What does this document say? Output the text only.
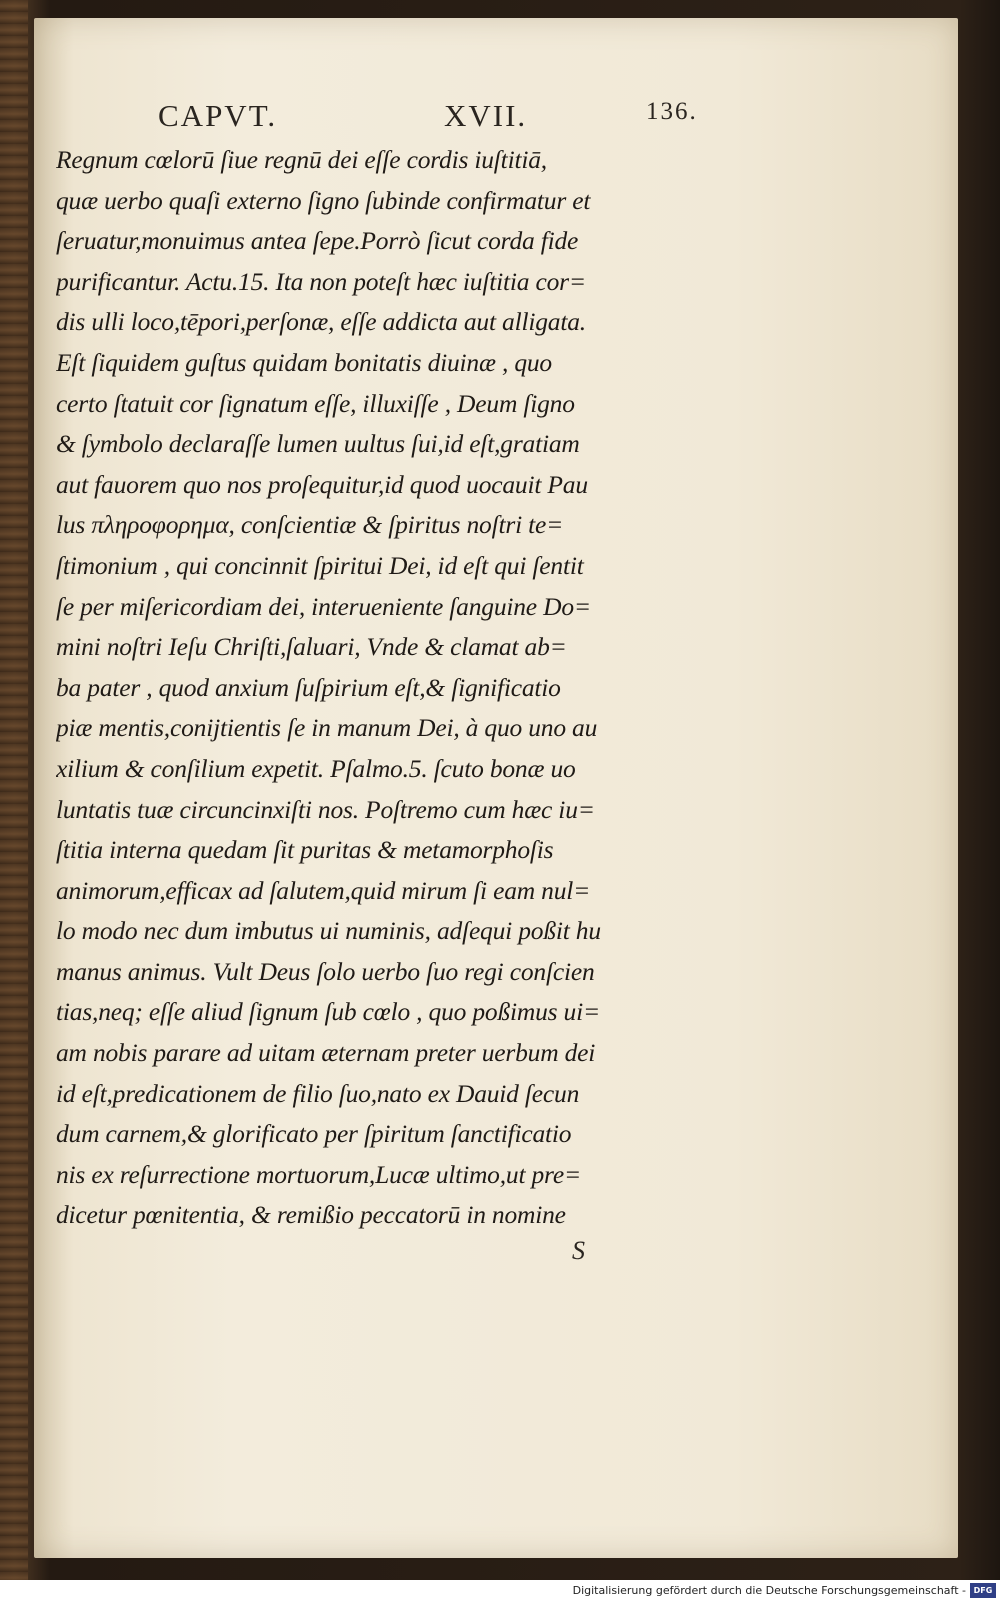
CAPVT.	XVII.	136.
Regnum cœlorū ſiue regnū dei eſſe cordis iuſtitiā,
quæ uerbo quaſi externo ſigno ſubinde confirmatur et
ſeruatur,monuimus antea ſepe.Porrò ſicut corda fide
purificantur. Actu.15. Ita non poteſt hæc iuſtitia cor=
dis ulli loco,tēpori,perſonæ, eſſe addicta aut alligata.
Eſt ſiquidem guſtus quidam bonitatis diuinæ , quo
certo ſtatuit cor ſignatum eſſe, illuxiſſe , Deum ſigno
& ſymbolo declaraſſe lumen uultus ſui,id eſt,gratiam
aut fauorem quo nos proſequitur,id quod uocauit Pau
lus πληροφορημα, conſcientiæ & ſpiritus noſtri te=
ſtimonium , qui concinnit ſpiritui Dei, id eſt qui ſentit
ſe per miſericordiam dei, interueniente ſanguine Do=
mini noſtri Ieſu Chriſti,ſaluari, Vnde & clamat ab=
ba pater , quod anxium ſuſpirium eſt,& ſignificatio
piæ mentis,conijtientis ſe in manum Dei, à quo uno au
xilium & conſilium expetit. Pſalmo.5. ſcuto bonæ uo
luntatis tuæ circuncinxiſti nos. Poſtremo cum hæc iu=
ſtitia interna quedam ſit puritas & metamorphoſis
animorum,efficax ad ſalutem,quid mirum ſi eam nul=
lo modo nec dum imbutus ui numinis, adſequi poßit hu
manus animus. Vult Deus ſolo uerbo ſuo regi conſcien
tias,neq; eſſe aliud ſignum ſub cœlo , quo poßimus ui=
am nobis parare ad uitam æternam preter uerbum dei
id eſt,predicationem de filio ſuo,nato ex Dauid ſecun
dum carnem,& glorificato per ſpiritum ſanctificatio
nis ex reſurrectione mortuorum,Lucæ ultimo,ut pre=
dicetur pœnitentia, & remißio peccatorū in nomine
S
Digitalisierung gefördert durch die Deutsche Forschungsgemeinschaft - DFG
